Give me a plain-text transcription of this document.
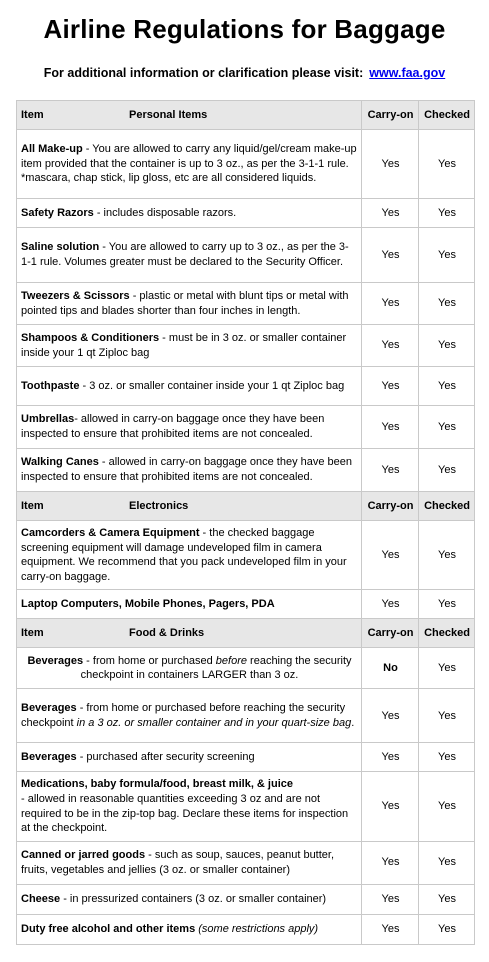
Airline Regulations for Baggage
For additional information or clarification please visit: www.faa.gov
Item Personal Items	Carry-on	Checked
All Make-up - You are allowed to carry any liquid/gel/cream make-up item provided that the container is up to 3 oz., as per the 3-1-1 rule.
*mascara, chap stick, lip gloss, etc are all considered liquids.	Yes	Yes
Safety Razors - includes disposable razors.	Yes	Yes
Saline solution - You are allowed to carry up to 3 oz., as per the 3-1-1 rule. Volumes greater must be declared to the Security Officer.	Yes	Yes
Tweezers & Scissors - plastic or metal with blunt tips or metal with pointed tips and blades shorter than four inches in length.	Yes	Yes
Shampoos & Conditioners - must be in 3 oz. or smaller container inside your 1 qt Ziploc bag	Yes	Yes
Toothpaste - 3 oz. or smaller container inside your 1 qt Ziploc bag	Yes	Yes
Umbrellas- allowed in carry-on baggage once they have been inspected to ensure that prohibited items are not concealed.	Yes	Yes
Walking Canes - allowed in carry-on baggage once they have been inspected to ensure that prohibited items are not concealed.	Yes	Yes
Item Electronics	Carry-on	Checked
Camcorders & Camera Equipment - the checked baggage screening equipment will damage undeveloped film in camera equipment. We recommend that you pack undeveloped film in your carry-on baggage.	Yes	Yes
Laptop Computers, Mobile Phones, Pagers, PDA	Yes	Yes
Item Food & Drinks	Carry-on	Checked
Beverages - from home or purchased before reaching the security checkpoint in containers LARGER than 3 oz.	No	Yes
Beverages - from home or purchased before reaching the security checkpoint in a 3 oz. or smaller container and in your quart-size bag.	Yes	Yes
Beverages - purchased after security screening	Yes	Yes
Medications, baby formula/food, breast milk, & juice
- allowed in reasonable quantities exceeding 3 oz and are not required to be in the zip-top bag. Declare these items for inspection at the checkpoint.	Yes	Yes
Canned or jarred goods - such as soup, sauces, peanut butter, fruits, vegetables and jellies (3 oz. or smaller container)	Yes	Yes
Cheese - in pressurized containers (3 oz. or smaller container)	Yes	Yes
Duty free alcohol and other items (some restrictions apply)	Yes	Yes
